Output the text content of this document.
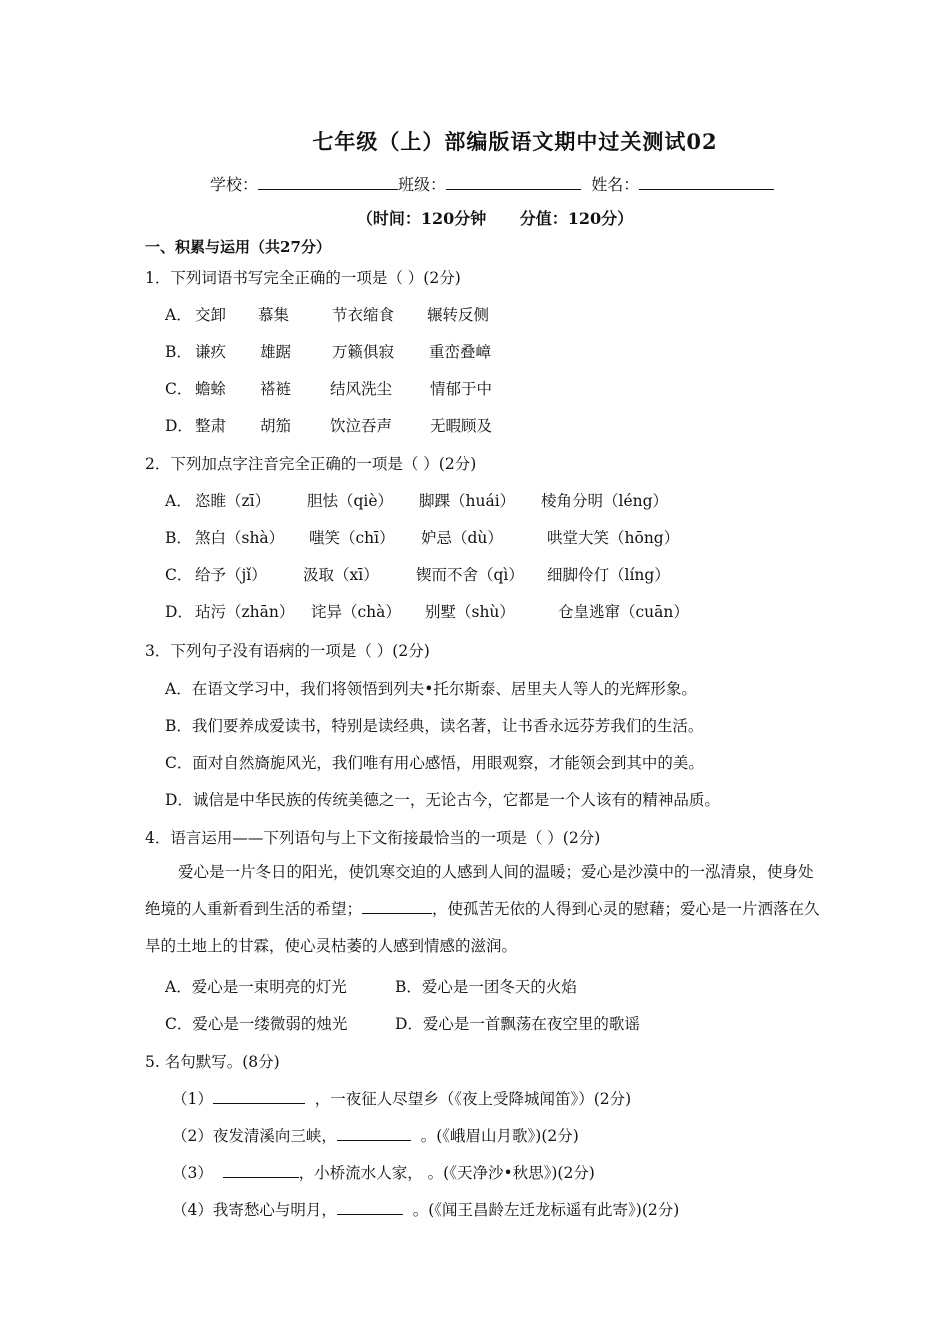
七年级（上）部编版语文期中过关测试02
学校：	班级：	姓名：
（时间：120分钟      分值：120分）
一、积累与运用（共27分）
1．下列词语书写完全正确的一项是（ ）(2分)
A． 交卸 慕集	节衣缩食 辗转反侧
B． 谦疚 雄踞	万籁俱寂 重峦叠嶂
C． 蟾蜍 褡裢	结风洗尘 情郁于中
D． 整肃 胡笳	饮泣吞声 无暇顾及
2．下列加点字注音完全正确的一项是（ ）(2分)
A． 恣睢（zī） 胆怯（qiè） 脚踝（huái） 棱角分明（léng）
B． 煞白（shà） 嗤笑（chī） 妒忌（dù）	哄堂大笑（hōng）
C． 给予（jǐ） 汲取（xī） 锲而不舍（qì） 细脚伶仃（líng）
D． 玷污（zhān） 诧异（chà） 别墅（shù）	仓皇逃窜（cuān）
3．下列句子没有语病的一项是（ ）(2分)
A．在语文学习中，我们将领悟到列夫•托尔斯泰、居里夫人等人的光辉形象。
B．我们要养成爱读书，特别是读经典，读名著，让书香永远芬芳我们的生活。
C．面对自然旖旎风光，我们唯有用心感悟，用眼观察，才能领会到其中的美。
D．诚信是中华民族的传统美德之一，无论古今，它都是一个人该有的精神品质。
4．语言运用——下列语句与上下文衔接最恰当的一项是（ ）(2分)
爱心是一片冬日的阳光，使饥寒交迫的人感到人间的温暖；爱心是沙漠中的一泓清泉，使身处绝境的人重新看到生活的希望；	，使孤苦无依的人得到心灵的慰藉；爱心是一片洒落在久旱的土地上的甘霖，使心灵枯萎的人感到情感的滋润。
A．爱心是一束明亮的灯光	B．爱心是一团冬天的火焰
C．爱心是一缕微弱的烛光	D．爱心是一首飘荡在夜空里的歌谣
5. 名句默写。(8分)
（1）	，一夜征人尽望乡（《夜上受降城闻笛》）(2分)
（2）夜发清溪向三峡，	。(《峨眉山月歌》)(2分)
（3）	，小桥流水人家， 。(《天净沙•秋思》)(2分)
（4）我寄愁心与明月，	。(《闻王昌龄左迁龙标遥有此寄》)(2分)
